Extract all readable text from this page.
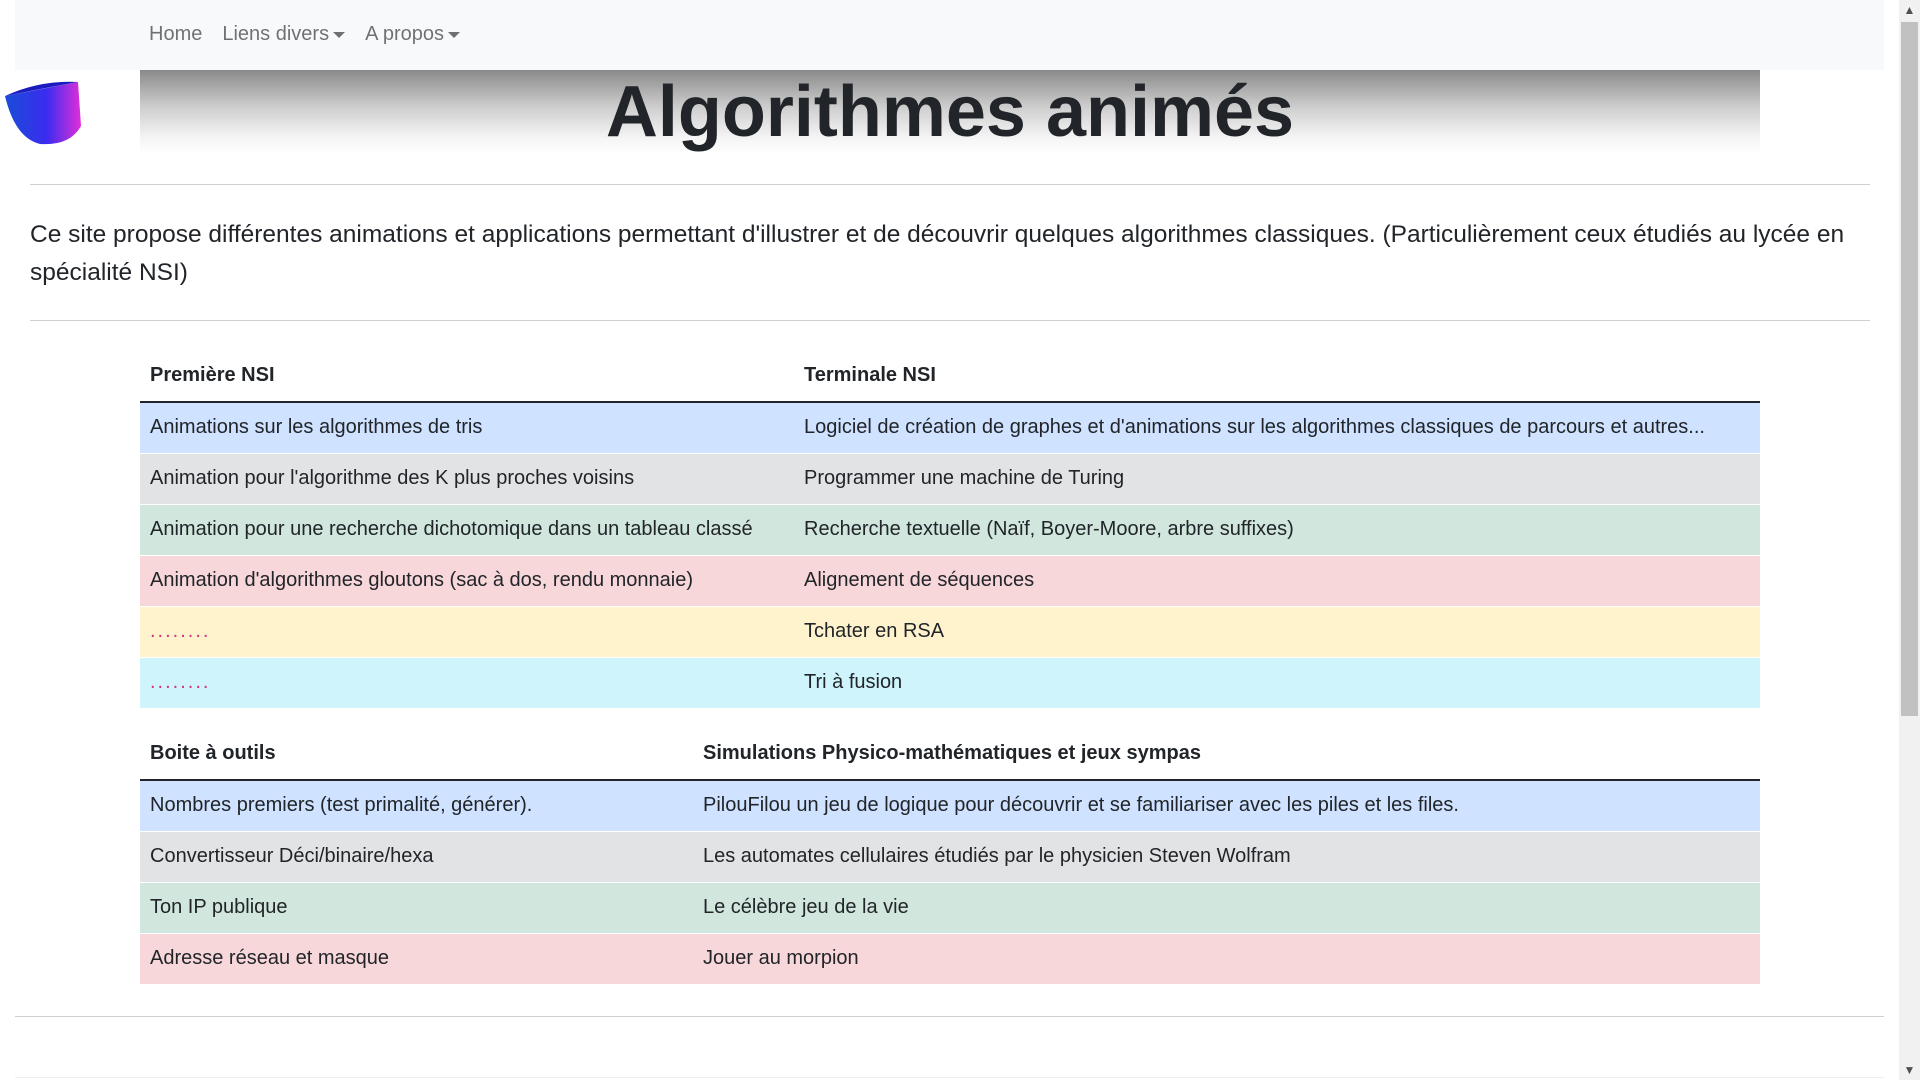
Home Liens divers A propos
Algorithmes animés

Ce site propose différentes animations et applications permettant d'illustrer et de découvrir quelques algorithmes classiques. (Particulièrement ceux étudiés au lycée en spécialité NSI)

Première NSI	Terminale NSI
Animations sur les algorithmes de tris	Logiciel de création de graphes et d'animations sur les algorithmes classiques de parcours et autres...
Animation pour l'algorithme des K plus proches voisins	Programmer une machine de Turing
Animation pour une recherche dichotomique dans un tableau classé	Recherche textuelle (Naïf, Boyer-Moore, arbre suffixes)
Animation d'algorithmes gloutons (sac à dos, rendu monnaie)	Alignement de séquences
........	Tchater en RSA
........	Tri à fusion
Boite à outils	Simulations Physico-mathématiques et jeux sympas
Nombres premiers (test primalité, générer).	PilouFilou un jeu de logique pour découvrir et se familiariser avec les piles et les files.
Convertisseur Déci/binaire/hexa	Les automates cellulaires étudiés par le physicien Steven Wolfram
Ton IP publique	Le célèbre jeu de la vie
Adresse réseau et masque	Jouer au morpion
▲
▼
